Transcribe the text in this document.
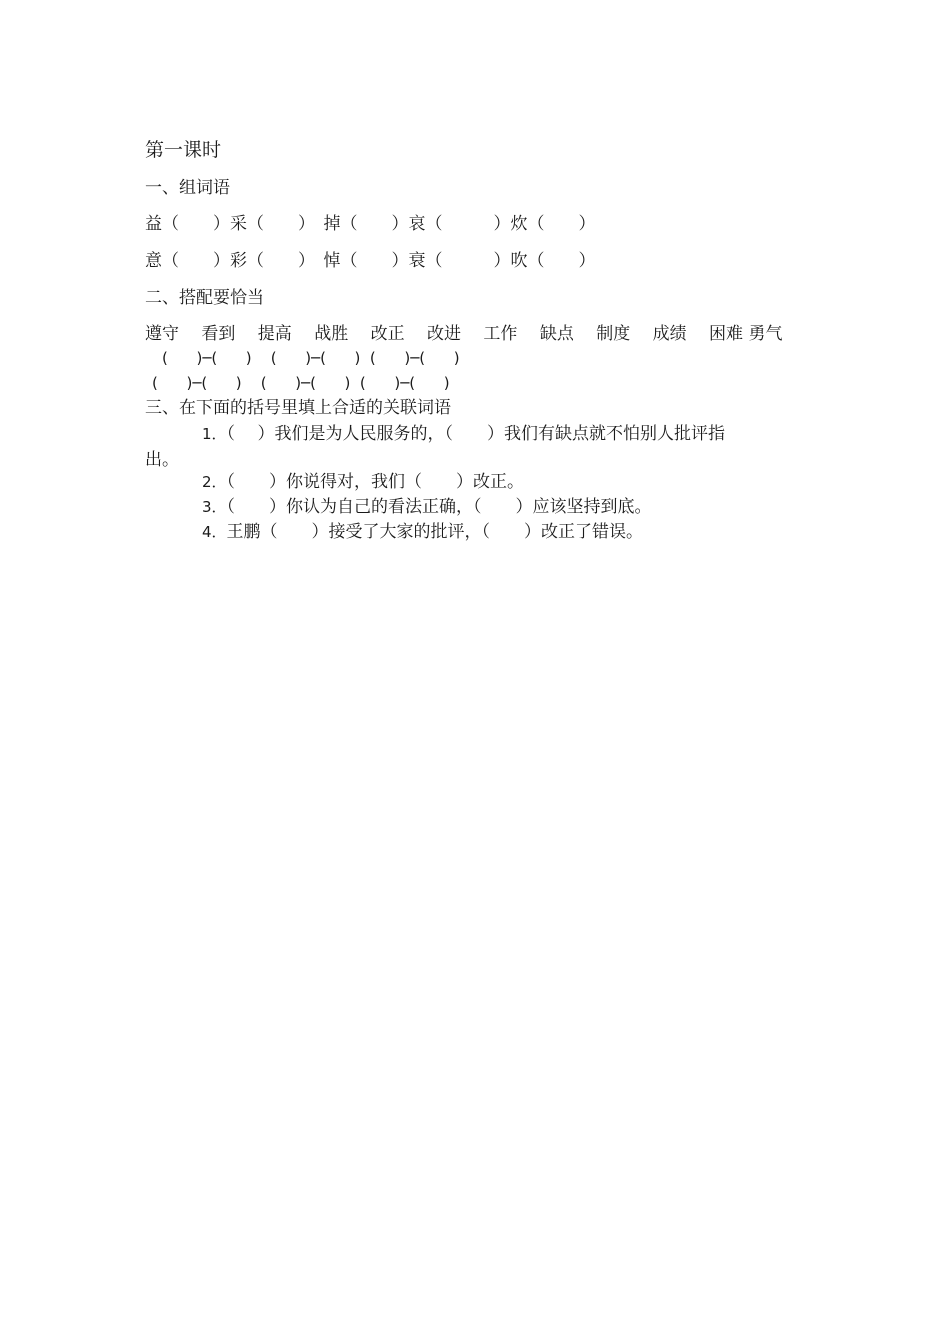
第一课时
一、组词语
益（　　）采（　　）　掉（　　）哀（　　　）炊（　　）
意（　　）彩（　　）　悼（　　）衰（　　　）吹（　　）
二、搭配要恰当
遵守　 看到　 提高　 战胜　 改正　 改进　 工作　 缺点　 制度　 成绩　 困难 勇气
(      )─(      )    (      )─(      )  (      )─(      )
(      )─(      )    (      )─(      )  (      )─(      )
三、在下面的括号里填上合适的关联词语
1．（　 ）我们是为人民服务的，（　　）我们有缺点就不怕别人批评指
出。
2．（　　）你说得对，我们（　　）改正。
3．（　　）你认为自己的看法正确，（　　）应该坚持到底。
4．王鹏（　　）接受了大家的批评，（　　）改正了错误。
